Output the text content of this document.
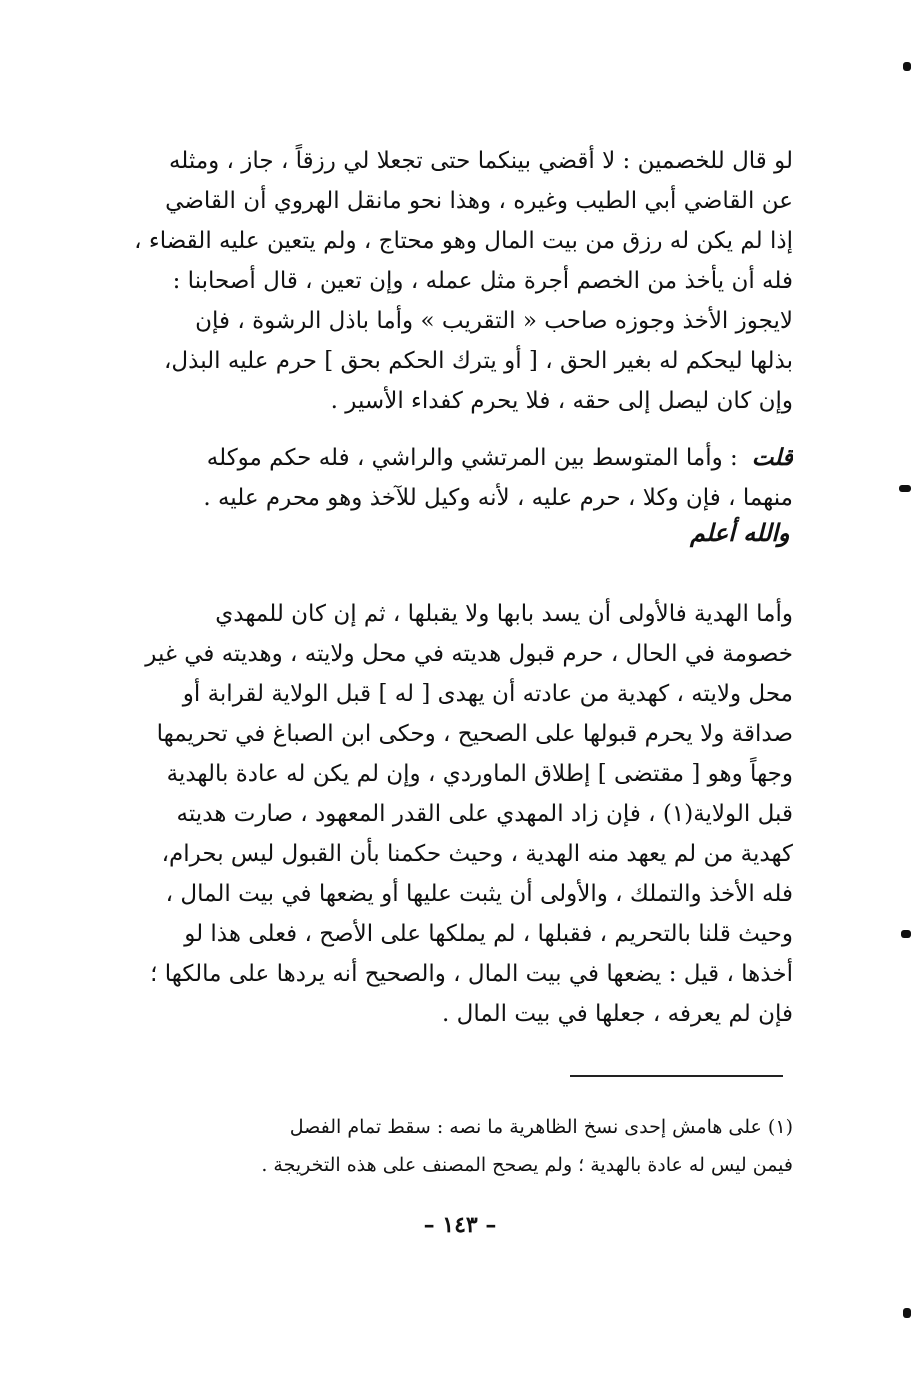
لو قال للخصمين : لا أقضي بينكما حتى تجعلا لي رزقاً ، جاز ، ومثله
عن القاضي أبي الطيب وغيره ، وهذا نحو مانقل الهروي أن القاضي
إذا لم يكن له رزق من بيت المال وهو محتاج ، ولم يتعين عليه القضاء ،
فله أن يأخذ من الخصم أجرة مثل عمله ، وإن تعين ، قال أصحابنا :
لايجوز الأخذ وجوزه صاحب « التقريب » وأما باذل الرشوة ، فإن
بذلها ليحكم له بغير الحق ، [ أو يترك الحكم بحق ] حرم عليه البذل،
وإن كان ليصل إلى حقه ، فلا يحرم كفداء الأسير .
قلت: وأما المتوسط بين المرتشي والراشي ، فله حكم موكله
منهما ، فإن وكلا ، حرم عليه ، لأنه وكيل للآخذ وهو محرم عليه .
والله أعلم
وأما الهدية فالأولى أن يسد بابها ولا يقبلها ، ثم إن كان للمهدي
خصومة في الحال ، حرم قبول هديته في محل ولايته ، وهديته في غير
محل ولايته ، كهدية من عادته أن يهدى [ له ] قبل الولاية لقرابة أو
صداقة ولا يحرم قبولها على الصحيح ، وحكى ابن الصباغ في تحريمها
وجهاً وهو [ مقتضى ] إطلاق الماوردي ، وإن لم يكن له عادة بالهدية
قبل الولاية(١) ، فإن زاد المهدي على القدر المعهود ، صارت هديته
كهدية من لم يعهد منه الهدية ، وحيث حكمنا بأن القبول ليس بحرام،
فله الأخذ والتملك ، والأولى أن يثبت عليها أو يضعها في بيت المال ،
وحيث قلنا بالتحريم ، فقبلها ، لم يملكها على الأصح ، فعلى هذا لو
أخذها ، قيل : يضعها في بيت المال ، والصحيح أنه يردها على مالكها ؛
فإن لم يعرفه ، جعلها في بيت المال .
(١) على هامش إحدى نسخ الظاهرية ما نصه : سقط تمام الفصل
فيمن ليس له عادة بالهدية ؛ ولم يصحح المصنف على هذه التخريجة .
– ١٤٣ –
